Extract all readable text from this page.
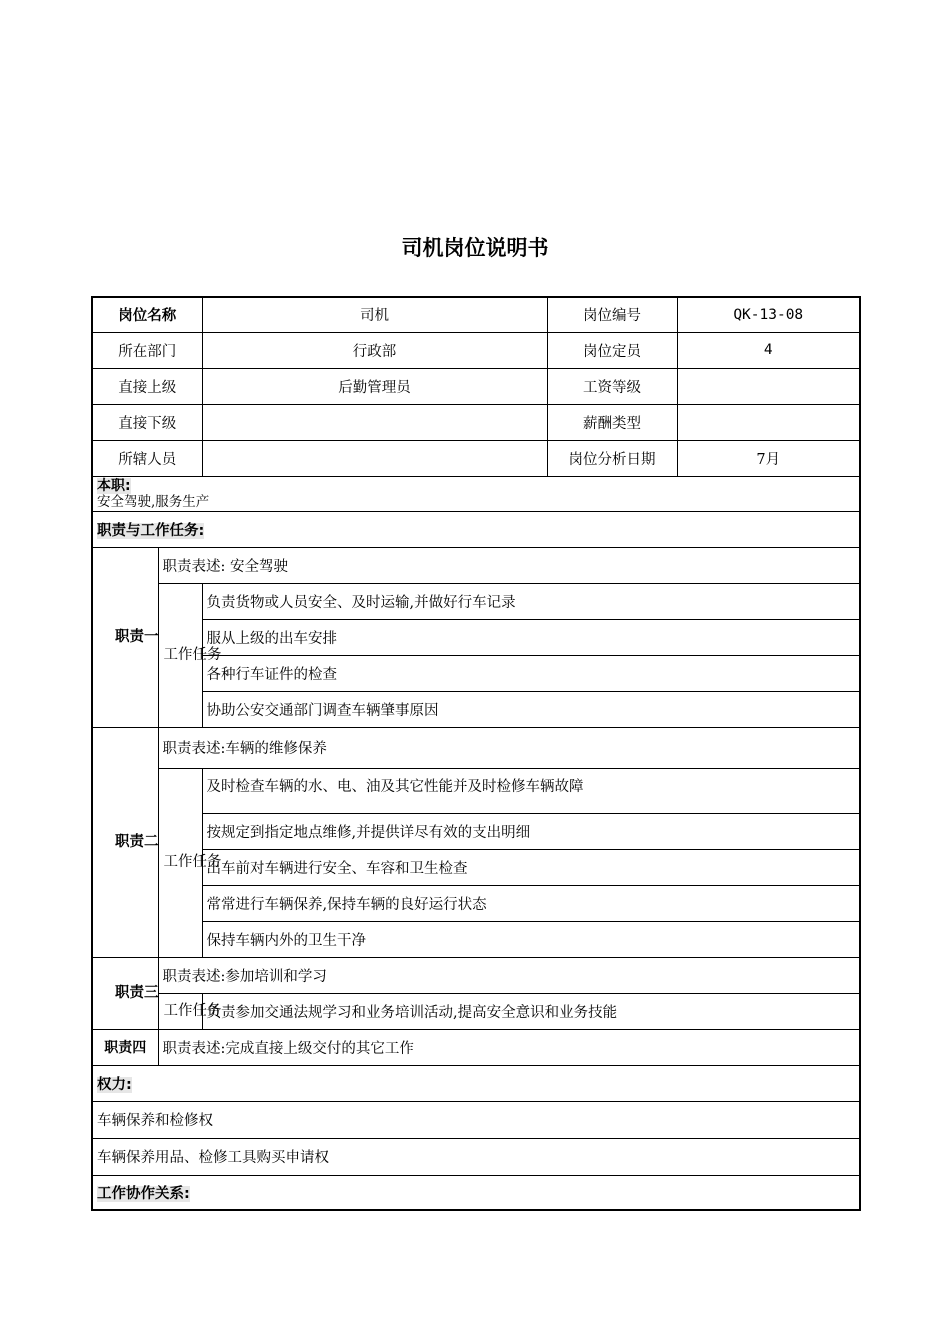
司机岗位说明书
岗位名称		司机	岗位编号	QK-13-08
所在部门		行政部	岗位定员	4
直接上级		后勤管理员	工资等级	
直接下级			薪酬类型	
所辖人员			岗位分析日期	7月

本职:
安全驾驶,服务生产				

职责与工作任务:				
职责一	职责表述: 安全驾驶			
	工作任务	负责货物或人员安全、及时运输,并做好行车记录		
		服从上级的出车安排		
		各种行车证件的检查		
		协助公安交通部门调查车辆肇事原因		
职责二	职责表述:车辆的维修保养			
	工作任务	及时检查车辆的水、电、油及其它性能并及时检修车辆故障		
		按规定到指定地点维修,并提供详尽有效的支出明细		
		出车前对车辆进行安全、车容和卫生检查		
		常常进行车辆保养,保持车辆的良好运行状态		
		保持车辆内外的卫生干净		
职责三	职责表述:参加培训和学习			
	工作任务	负责参加交通法规学习和业务培训活动,提高安全意识和业务技能		
职责四	职责表述:完成直接上级交付的其它工作			
权力:				
车辆保养和检修权				
车辆保养用品、检修工具购买申请权				
工作协作关系:				
